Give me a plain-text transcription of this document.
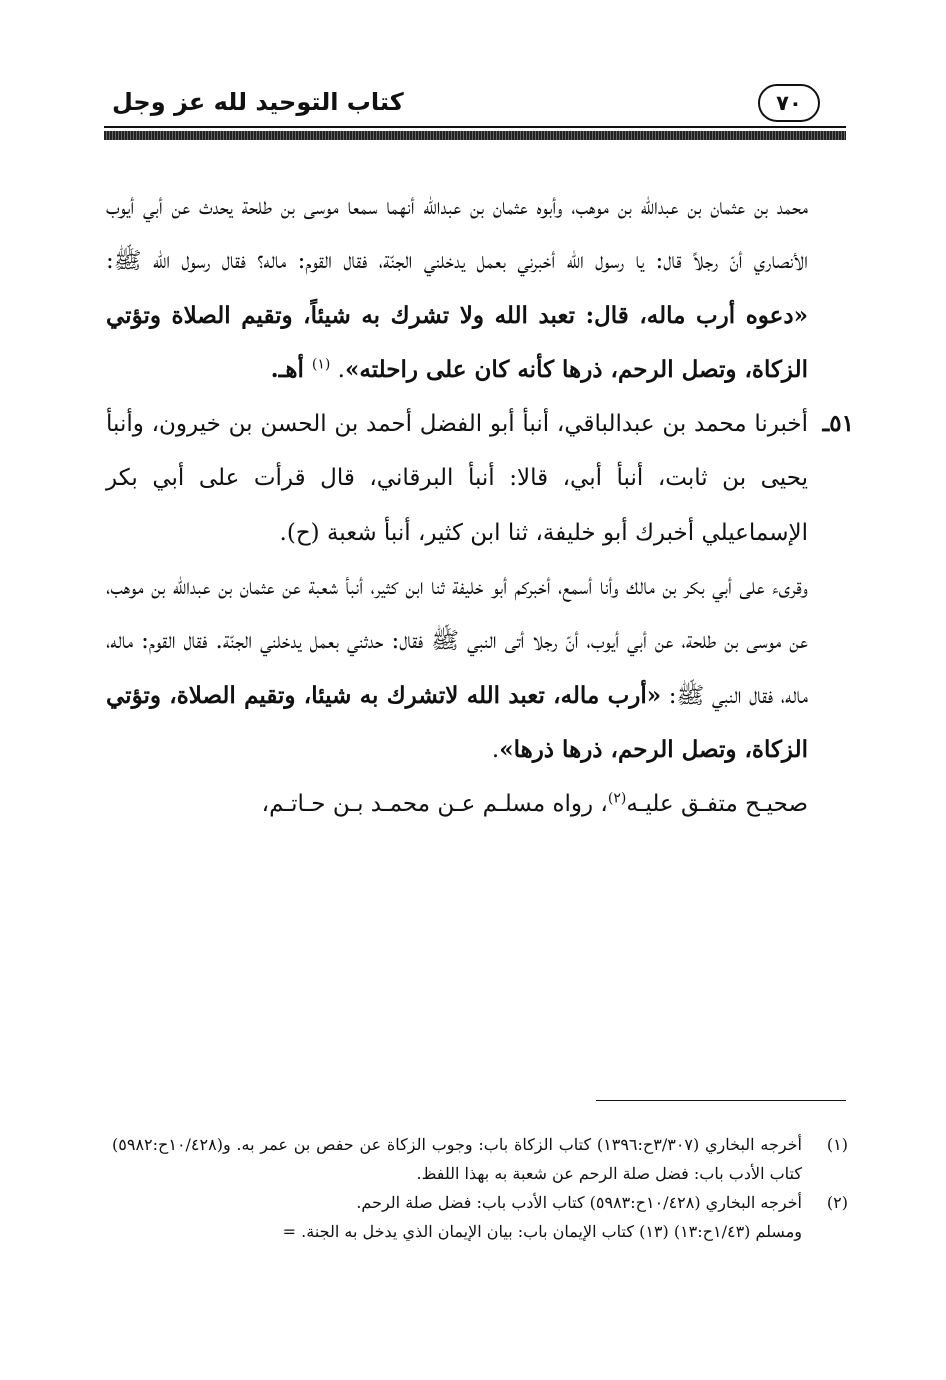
كتاب التوحيد لله عز وجل	٧٠

محمد بن عثمان بن عبدالله بن موهب، وأبوه عثمان بن عبدالله أنهما سمعا موسى بن طلحة يحدث عن أبي أيوب الأنصاري أنّ رجلاً قال: يا رسول الله أخبرني بعمل يدخلني الجنّة، فقال القوم: ماله؟ فقال رسول الله ﷺ: «دعوه أرب ماله، قال: تعبد الله ولا تشرك به شيئاً، وتقيم الصلاة وتؤتي الزكاة، وتصل الرحم، ذرها كأنه كان على راحلته». $^{(١)}$ أهـ.

٥١ـ
أخبرنا محمد بن عبدالباقي، أنبأ أبو الفضل أحمد بن الحسن بن خيرون، وأنبأ يحيى بن ثابت، أنبأ أبي، قالا: أنبأ البرقاني، قال قرأت على أبي بكر الإسماعيلي أخبرك أبو خليفة، ثنا ابن كثير، أنبأ شعبة (ح).

وقرىء على أبي بكر بن مالك وأنا أسمع، أخبركم أبو خليفة ثنا ابن كثير، أنبأ شعبة عن عثمان بن عبدالله بن موهب، عن موسى بن طلحة، عن أبي أيوب، أنّ رجلا أتى النبي ﷺ فقال: حدثني بعمل يدخلني الجنّة. فقال القوم: ماله، ماله، فقال النبي ﷺ: «أرب ماله، تعبد الله لاتشرك به شيئا، وتقيم الصلاة، وتؤتي الزكاة، وتصل الرحم، ذرها ذرها».

صحيـح متفـق عليـه$^{(٢)}$، رواه مسلـم عـن محمـد بـن حـاتـم،

(١)
أخرجه البخاري (٣/٣٠٧ح:١٣٩٦) كتاب الزكاة باب: وجوب الزكاة عن حفص بن عمر به. و(١٠/٤٢٨ح:٥٩٨٢) كتاب الأدب باب: فضل صلة الرحم عن شعبة به بهذا اللفظ.
(٢)
أخرجه البخاري (١٠/٤٢٨ح:٥٩٨٣) كتاب الأدب باب: فضل صلة الرحم.
ومسلم (١/٤٣ح:١٣) (١٣) كتاب الإيمان باب: بيان الإيمان الذي يدخل به الجنة. =
